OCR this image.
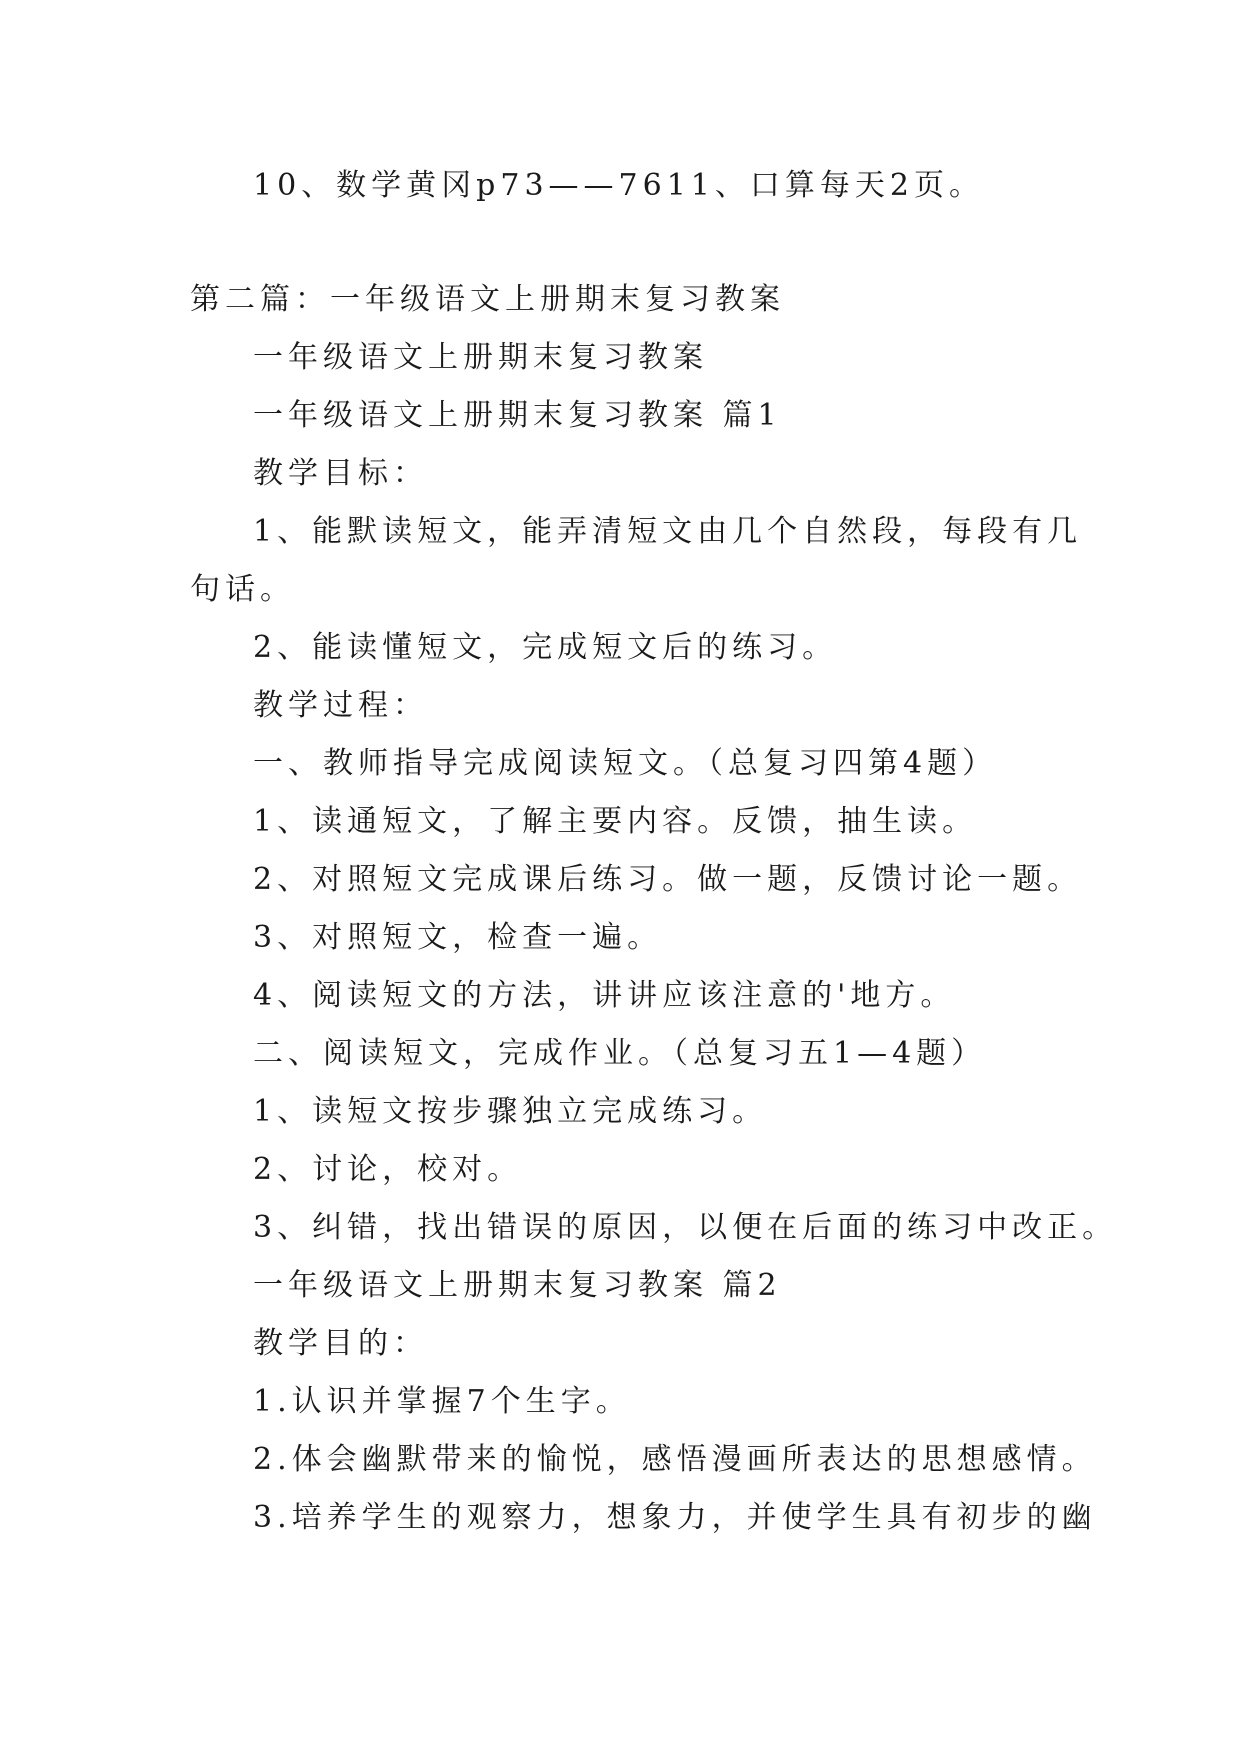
10、数学黄冈p73——7611、口算每天2页。
第二篇：一年级语文上册期末复习教案
一年级语文上册期末复习教案
一年级语文上册期末复习教案 篇1
教学目标：
1、能默读短文，能弄清短文由几个自然段，每段有几
句话。
2、能读懂短文，完成短文后的练习。
教学过程：
一、教师指导完成阅读短文。（总复习四第4题）
1、读通短文，了解主要内容。反馈，抽生读。
2、对照短文完成课后练习。做一题，反馈讨论一题。
3、对照短文，检查一遍。
4、阅读短文的方法，讲讲应该注意的'地方。
二、阅读短文，完成作业。（总复习五1—4题）
1、读短文按步骤独立完成练习。
2、讨论，校对。
3、纠错，找出错误的原因，以便在后面的练习中改正。
一年级语文上册期末复习教案 篇2
教学目的：
1.认识并掌握7个生字。
2.体会幽默带来的愉悦，感悟漫画所表达的思想感情。
3.培养学生的观察力，想象力，并使学生具有初步的幽
